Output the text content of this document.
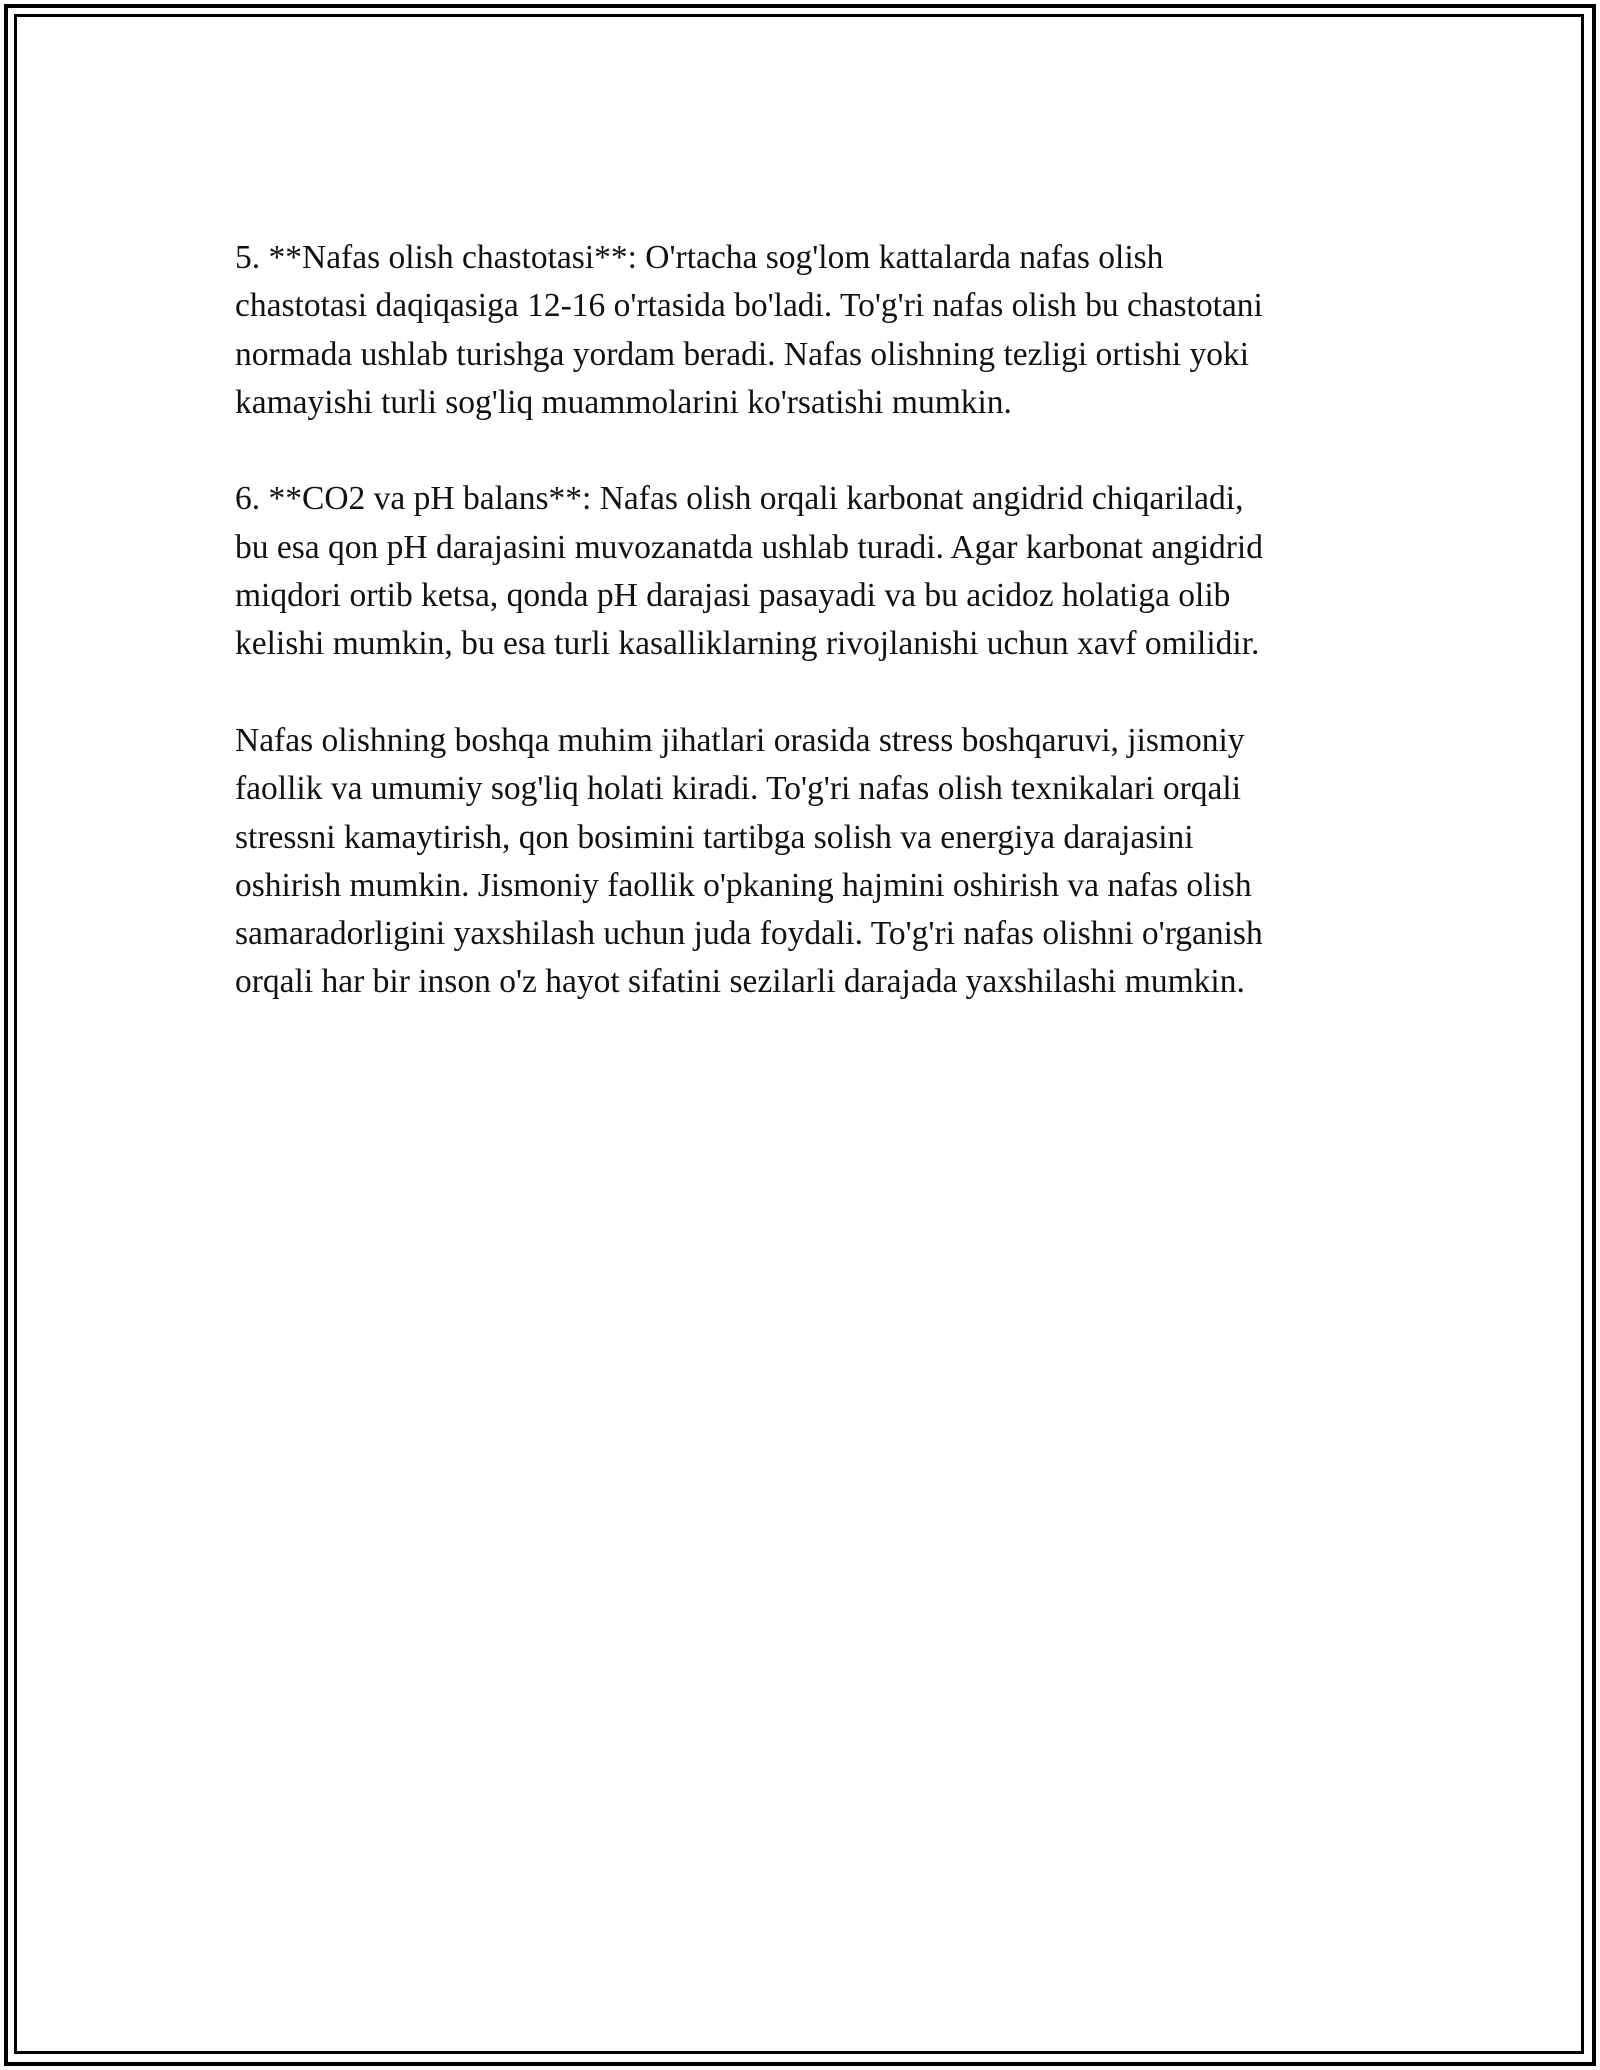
5. **Nafas olish chastotasi**: O'rtacha sog'lom kattalarda nafas olish
chastotasi daqiqasiga 12-16 o'rtasida bo'ladi. To'g'ri nafas olish bu chastotani
normada ushlab turishga yordam beradi. Nafas olishning tezligi ortishi yoki
kamayishi turli sog'liq muammolarini ko'rsatishi mumkin.

6. **CO2 va pH balans**: Nafas olish orqali karbonat angidrid chiqariladi,
bu esa qon pH darajasini muvozanatda ushlab turadi. Agar karbonat angidrid
miqdori ortib ketsa, qonda pH darajasi pasayadi va bu acidoz holatiga olib
kelishi mumkin, bu esa turli kasalliklarning rivojlanishi uchun xavf omilidir.

Nafas olishning boshqa muhim jihatlari orasida stress boshqaruvi, jismoniy
faollik va umumiy sog'liq holati kiradi. To'g'ri nafas olish texnikalari orqali
stressni kamaytirish, qon bosimini tartibga solish va energiya darajasini
oshirish mumkin. Jismoniy faollik o'pkaning hajmini oshirish va nafas olish
samaradorligini yaxshilash uchun juda foydali. To'g'ri nafas olishni o'rganish
orqali har bir inson o'z hayot sifatini sezilarli darajada yaxshilashi mumkin.
